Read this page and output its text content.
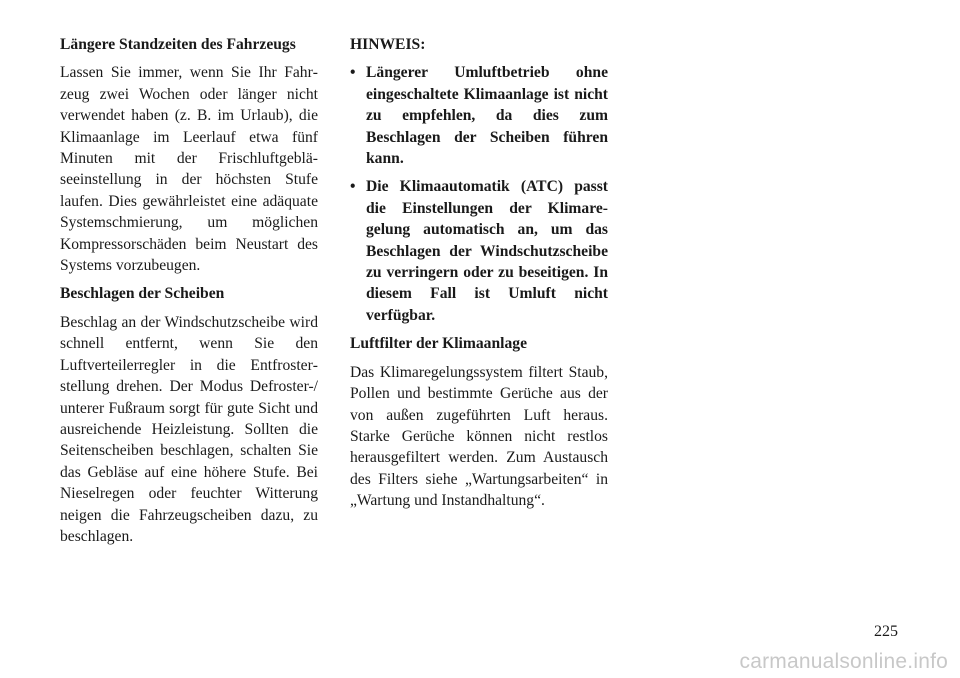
Längere Standzeiten des Fahrzeugs

Lassen Sie immer, wenn Sie Ihr Fahrzeug zwei Wochen oder länger nicht verwendet haben (z. B. im Urlaub), die Klimaanlage im Leerlauf etwa fünf Minuten mit der Frischluftgebläseeinstellung in der höchsten Stufe laufen. Dies gewährleistet eine adäquate Systemschmierung, um möglichen Kompressorschäden beim Neustart des Systems vorzubeugen.

Beschlagen der Scheiben

Beschlag an der Windschutzscheibe wird schnell entfernt, wenn Sie den Luftverteilerregler in die Entfrosterstellung drehen. Der Modus Defroster-/ unterer Fußraum sorgt für gute Sicht und ausreichende Heizleistung. Sollten die Seitenscheiben beschlagen, schalten Sie das Gebläse auf eine höhere Stufe. Bei Nieselregen oder feuchter Witterung neigen die Fahrzeugscheiben dazu, zu beschlagen.

HINWEIS:
• Längerer Umluftbetrieb ohne eingeschaltete Klimaanlage ist nicht zu empfehlen, da dies zum Beschlagen der Scheiben führen kann.
• Die Klimaautomatik (ATC) passt die Einstellungen der Klimaregelung automatisch an, um das Beschlagen der Windschutzscheibe zu verringern oder zu beseitigen. In diesem Fall ist Umluft nicht verfügbar.
Luftfilter der Klimaanlage

Das Klimaregelungssystem filtert Staub, Pollen und bestimmte Gerüche aus der von außen zugeführten Luft heraus. Starke Gerüche können nicht restlos herausgefiltert werden. Zum Austausch des Filters siehe „Wartungsarbeiten“ in „Wartung und Instandhaltung“.

225
carmanualsonline.info
